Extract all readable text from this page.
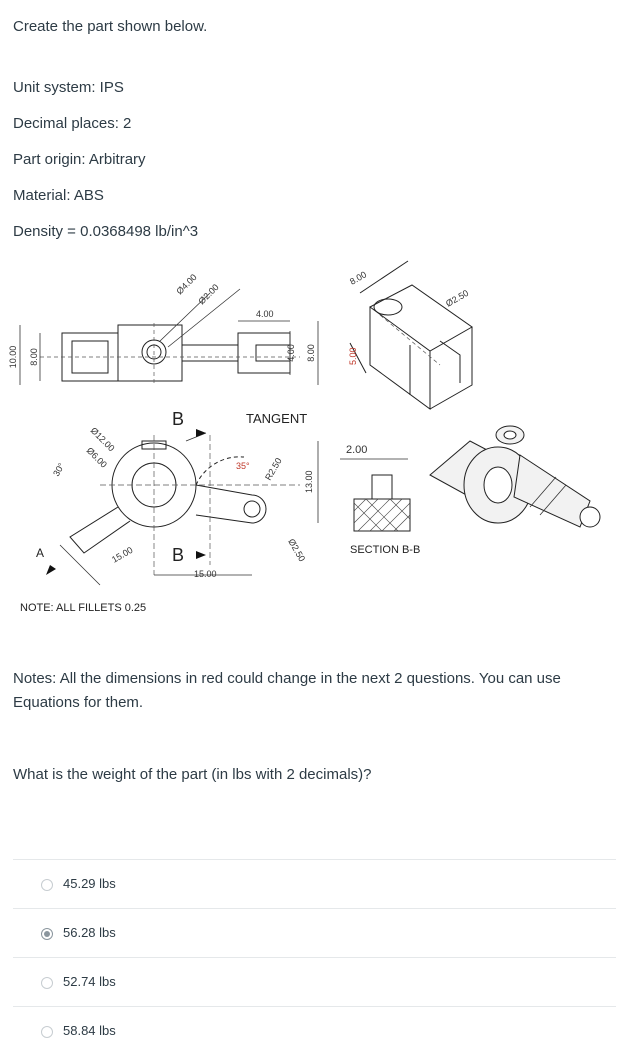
Create the part shown below.
Unit system: IPS
Decimal places: 2
Part origin: Arbitrary
Material: ABS
Density = 0.0368498 lb/in^3
10.00 8.00	4.00 8.00
4.00
Ø4.00
Ø2.00
Ø12.00
Ø6.00
30°	35° R2.50 13.00
Ø2.50
15.00
15.00
TANGENT
B
B
A
8.00
5.00
Ø2.50
2.00
SECTION B-B
NOTE: ALL FILLETS 0.25
Notes: All the dimensions in red could change in the next 2 questions. You can use Equations for them.
What is the weight of the part (in lbs with 2 decimals)?
45.29 lbs
56.28 lbs
52.74 lbs
58.84 lbs
